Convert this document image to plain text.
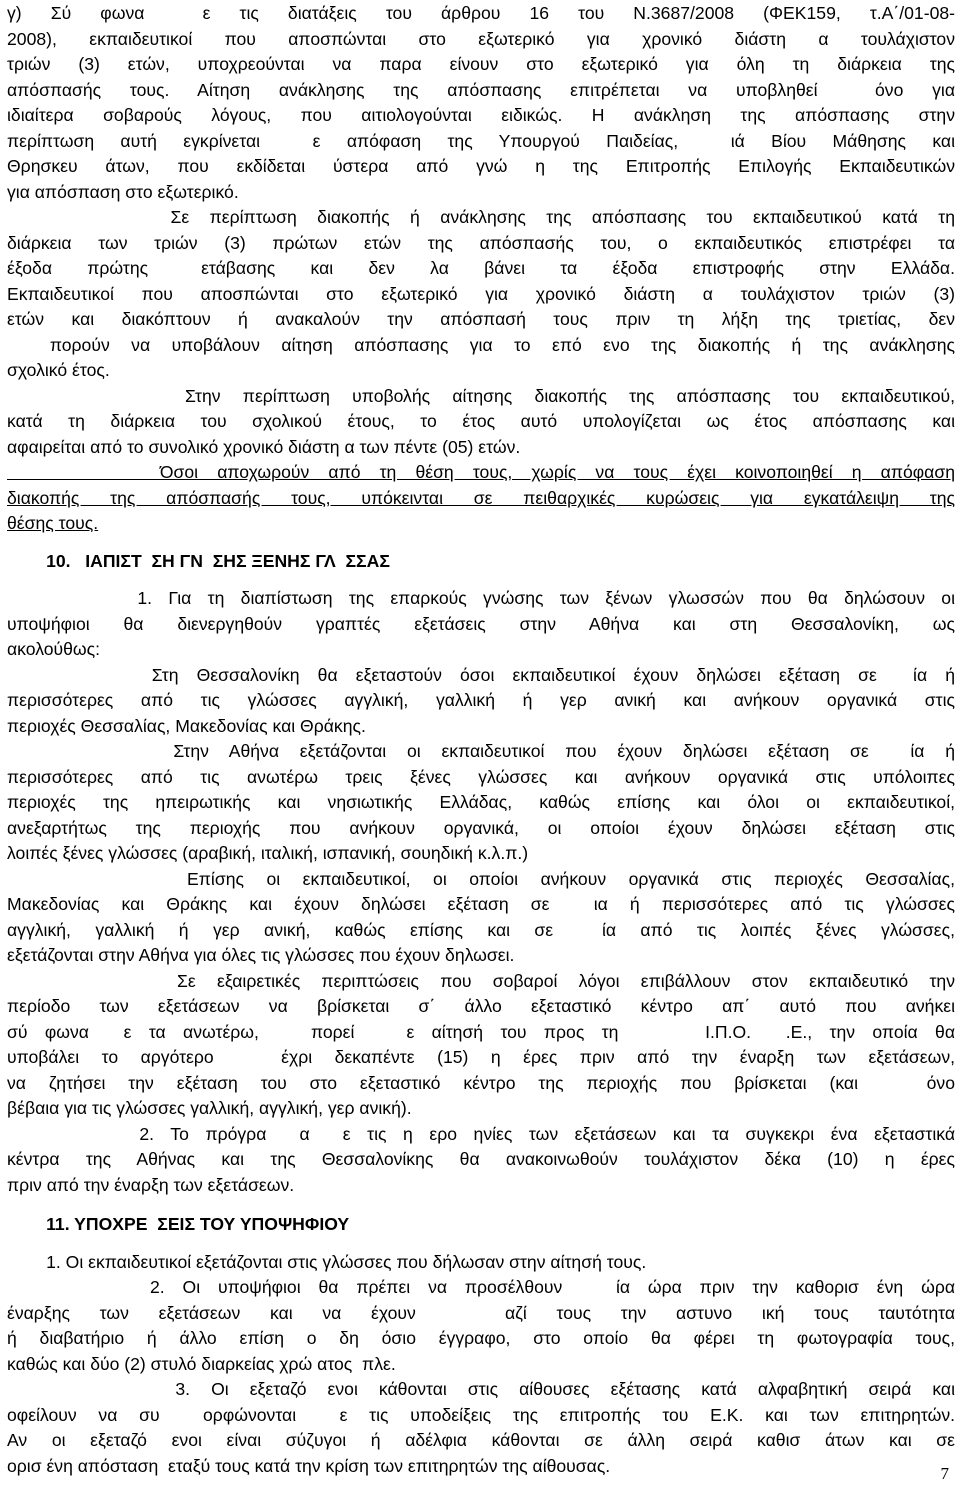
γ) Σύ φωνα  ε τις διατάξεις του άρθρου 16 του Ν.3687/2008 (ΦΕΚ159, τ.Α΄/01-08-
2008), εκπαιδευτικοί που αποσπώνται στο εξωτερικό για χρονικό διάστη α τουλάχιστον
τριών (3) ετών, υποχρεούνται να παρα είνουν στο εξωτερικό για όλη τη διάρκεια της
απόσπασής τους. Αίτηση ανάκλησης της απόσπασης επιτρέπεται να υποβληθεί  όνο για
ιδιαίτερα σοβαρούς λόγους, που αιτιολογούνται ειδικώς. Η ανάκληση της απόσπασης στην
περίπτωση αυτή εγκρίνεται  ε απόφαση της Υπουργού Παιδείας,  ιά Βίου Μάθησης και
Θρησκευ άτων, που εκδίδεται ύστερα από γνώ η της Επιτροπής Επιλογής Εκπαιδευτικών
για απόσπαση στο εξωτερικό.
Σε περίπτωση διακοπής ή ανάκλησης της απόσπασης του εκπαιδευτικού κατά τη
διάρκεια των τριών (3) πρώτων ετών της απόσπασής του, ο εκπαιδευτικός επιστρέφει τα
έξοδα  πρώτης   ετάβασης  και  δεν  λα  βάνει  τα  έξοδα  επιστροφής  στην  Ελλάδα.
Εκπαιδευτικοί που αποσπώνται στο εξωτερικό για χρονικό διάστη α τουλάχιστον τριών (3)
ετών και διακόπτουν ή ανακαλούν την απόσπασή τους πριν τη λήξη της τριετίας, δεν
πορούν να υποβάλουν αίτηση απόσπασης για το επό ενο της διακοπής ή της ανάκλησης
σχολικό έτος.
Στην περίπτωση υποβολής αίτησης διακοπής της απόσπασης του εκπαιδευτικού,
κατά τη διάρκεια του σχολικού έτους, το έτος αυτό υπολογίζεται ως έτος απόσπασης και
αφαιρείται από το συνολικό χρονικό διάστη α των πέντε (05) ετών.
Όσοι αποχωρούν από τη θέση τους, χωρίς να τους έχει κοινοποιηθεί η απόφαση
διακοπής της απόσπασής τους, υπόκεινται σε πειθαρχικές κυρώσεις για εγκατάλειψη της
θέσης τους.
10.   ΙΑΠΙΣΤ  ΣΗ ΓΝ  ΣΗΣ ΞΕΝΗΣ ΓΛ  ΣΣΑΣ
1. Για τη διαπίστωση της επαρκούς γνώσης των ξένων γλωσσών που θα δηλώσουν οι
υποψήφιοι θα διενεργηθούν γραπτές εξετάσεις στην Αθήνα και στη Θεσσαλονίκη, ως
ακολούθως:
Στη Θεσσαλονίκη θα εξεταστούν όσοι εκπαιδευτικοί έχουν δηλώσει εξέταση σε  ία ή
περισσότερες από τις γλώσσες αγγλική, γαλλική ή γερ ανική και ανήκουν οργανικά στις
περιοχές Θεσσαλίας, Μακεδονίας και Θράκης.
Στην Αθήνα εξετάζονται οι εκπαιδευτικοί που έχουν δηλώσει εξέταση σε  ία ή
περισσότερες από τις ανωτέρω τρεις ξένες γλώσσες και ανήκουν οργανικά στις υπόλοιπες
περιοχές της ηπειρωτικής και νησιωτικής Ελλάδας, καθώς επίσης και όλοι οι εκπαιδευτικοί,
ανεξαρτήτως της περιοχής που ανήκουν οργανικά, οι οποίοι έχουν δηλώσει εξέταση στις
λοιπές ξένες γλώσσες (αραβική, ιταλική, ισπανική, σουηδική κ.λ.π.)
Επίσης οι εκπαιδευτικοί, οι οποίοι ανήκουν οργανικά στις περιοχές Θεσσαλίας,
Μακεδονίας και Θράκης και έχουν δηλώσει εξέταση σε  ια ή περισσότερες από τις γλώσσες
αγγλική, γαλλική ή γερ ανική, καθώς επίσης και σε  ία από τις λοιπές ξένες γλώσσες,
εξετάζονται στην Αθήνα για όλες τις γλώσσες που έχουν δηλωσει.
Σε εξαιρετικές περιπτώσεις που σοβαροί λόγοι επιβάλλουν στον εκπαιδευτικό την
περίοδο των εξετάσεων να βρίσκεται σ΄ άλλο εξεταστικό κέντρο απ΄ αυτό που ανήκει
σύ φωνα  ε τα ανωτέρω,   πορεί   ε αίτησή του προς τη     Ι.Π.Ο.  .Ε., την οποία θα
υποβάλει το αργότερο   έχρι δεκαπέντε (15) η έρες πριν από την έναρξη των εξετάσεων,
να ζητήσει την εξέταση του στο εξεταστικό κέντρο της περιοχής που βρίσκεται (και   όνο
βέβαια για τις γλώσσες γαλλική, αγγλική, γερ ανική).
2. Το πρόγρα  α  ε τις η ερο ηνίες των εξετάσεων και τα συγκεκρι ένα εξεταστικά
κέντρα της Αθήνας και της Θεσσαλονίκης θα ανακοινωθούν τουλάχιστον δέκα (10) η έρες
πριν από την έναρξη των εξετάσεων.
11. ΥΠΟΧΡΕ  ΣΕΙΣ ΤΟΥ ΥΠΟΨΗΦΙΟΥ
1. Οι εκπαιδευτικοί εξετάζονται στις γλώσσες που δήλωσαν στην αίτησή τους.
2. Οι υποψήφιοι θα πρέπει να προσέλθουν   ία ώρα πριν την καθορισ ένη ώρα
έναρξης των εξετάσεων και να έχουν   αζί τους την αστυνο ική τους ταυτότητα
ή διαβατήριο ή άλλο επίση ο δη όσιο έγγραφο, στο οποίο θα φέρει τη φωτογραφία τους,
καθώς και δύο (2) στυλό διαρκείας χρώ ατος  πλε.
3. Οι εξεταζό ενοι κάθονται στις αίθουσες εξέτασης κατά αλφαβητική σειρά και
οφείλουν να συ  ορφώνονται  ε τις υποδείξεις της επιτροπής του Ε.Κ. και των επιτηρητών.
Αν οι εξεταζό ενοι είναι σύζυγοι ή αδέλφια κάθονται σε άλλη σειρά καθισ άτων και σε
ορισ ένη απόσταση  εταξύ τους κατά την κρίση των επιτηρητών της αίθουσας.	7
